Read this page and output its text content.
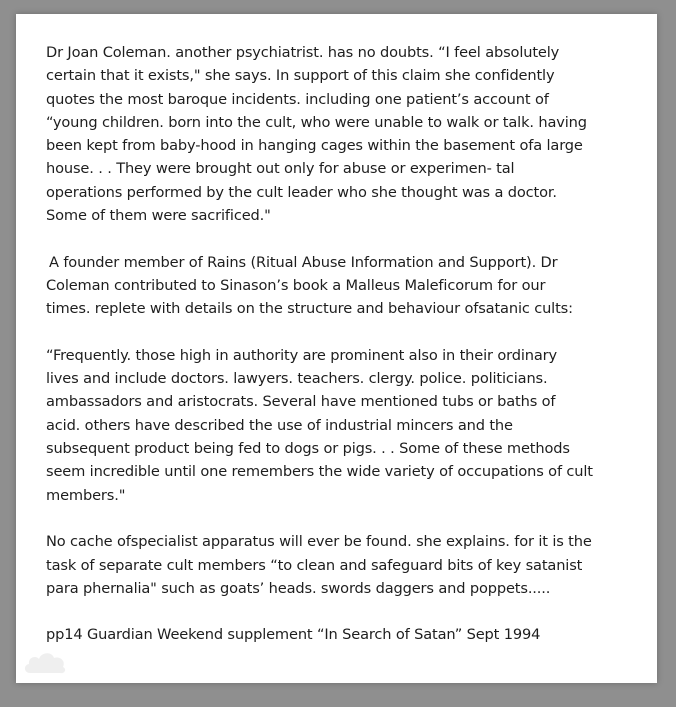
Dr Joan Coleman. another psychiatrist. has no doubts. “I feel absolutely
certain that it exists," she says. In support of this claim she confidently
quotes the most baroque incidents. including one patient’s account of
“young children. born into the cult, who were unable to walk or talk. having
been kept from baby-hood in hanging cages within the basement ofa large
house. . . They were brought out only for abuse or experimen- tal
operations performed by the cult leader who she thought was a doctor.
Some of them were sacrificed."

A founder member of Rains (Ritual Abuse Information and Support). Dr
Coleman contributed to Sinason’s book a Malleus Maleficorum for our
times. replete with details on the structure and behaviour ofsatanic cults:

“Frequently. those high in authority are prominent also in their ordinary
lives and include doctors. lawyers. teachers. clergy. police. politicians.
ambassadors and aristocrats. Several have mentioned tubs or baths of
acid. others have described the use of industrial mincers and the
subsequent product being fed to dogs or pigs. . . Some of these methods
seem incredible until one remembers the wide variety of occupations of cult
members."

No cache ofspecialist apparatus will ever be found. she explains. for it is the
task of separate cult members “to clean and safeguard bits of key satanist
para phernalia" such as goats’ heads. swords daggers and poppets.....

pp14 Guardian Weekend supplement “In Search of Satan” Sept 1994
